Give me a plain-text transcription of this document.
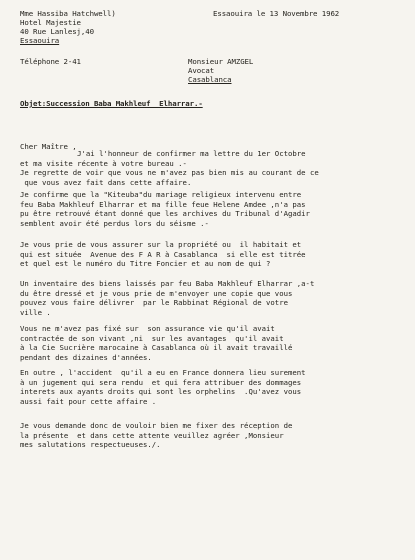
Mme Hassiba Hatchwell)
Hotel Majestie
40 Rue Lanlesj,40
Essaouira
Essaouira le 13 Novembre 1962
Téléphone 2-41	Monsieur AMZGEL
Avocat
Casablanca
Objet:Succession Baba Makhleuf  Elharrar.-
Cher Maître ,
J'ai l'honneur de confirmer ma lettre du 1er Octobre
et ma visite récente à votre bureau .-
Je regrette de voir que vous ne m'avez pas bien mis au courant de ce
que vous avez fait dans cette affaire.
Je confirme que la "Kiteuba"du mariage religieux intervenu entre
feu Baba Makhleuf Elharrar et ma fille feue Helene Amdee ,n'a pas
pu être retrouvé étant donné que les archives du Tribunal d'Agadir
semblent avoir été perdus lors du séisme .-
Je vous prie de vous assurer sur la propriété ou  il habitait et
qui est située  Avenue des F A R à Casablanca  si elle est titrée
et quel est le numéro du Titre Foncier et au nom de qui ?
Un inventaire des biens laissés par feu Baba Makhleuf Elharrar ,a-t
du être dressé et je vous prie de m'envoyer une copie que vous
pouvez vous faire délivrer  par le Rabbinat Régional de votre
ville .
Vous ne m'avez pas fixé sur  son assurance vie qu'il avait
contractée de son vivant ,ni  sur les avantages  qu'il avait
à la Cie Sucrière marocaine à Casablanca où il avait travaillé
pendant des dizaines d'années.
En outre , l'accident  qu'il a eu en France donnera lieu surement
à un jugement qui sera rendu  et qui fera attribuer des dommages
interets aux ayants droits qui sont les orphelins  .Qu'avez vous
aussi fait pour cette affaire .
Je vous demande donc de vouloir bien me fixer des réception de
la présente  et dans cette attente veuillez agréer ,Monsieur
mes salutations respectueuses./.
